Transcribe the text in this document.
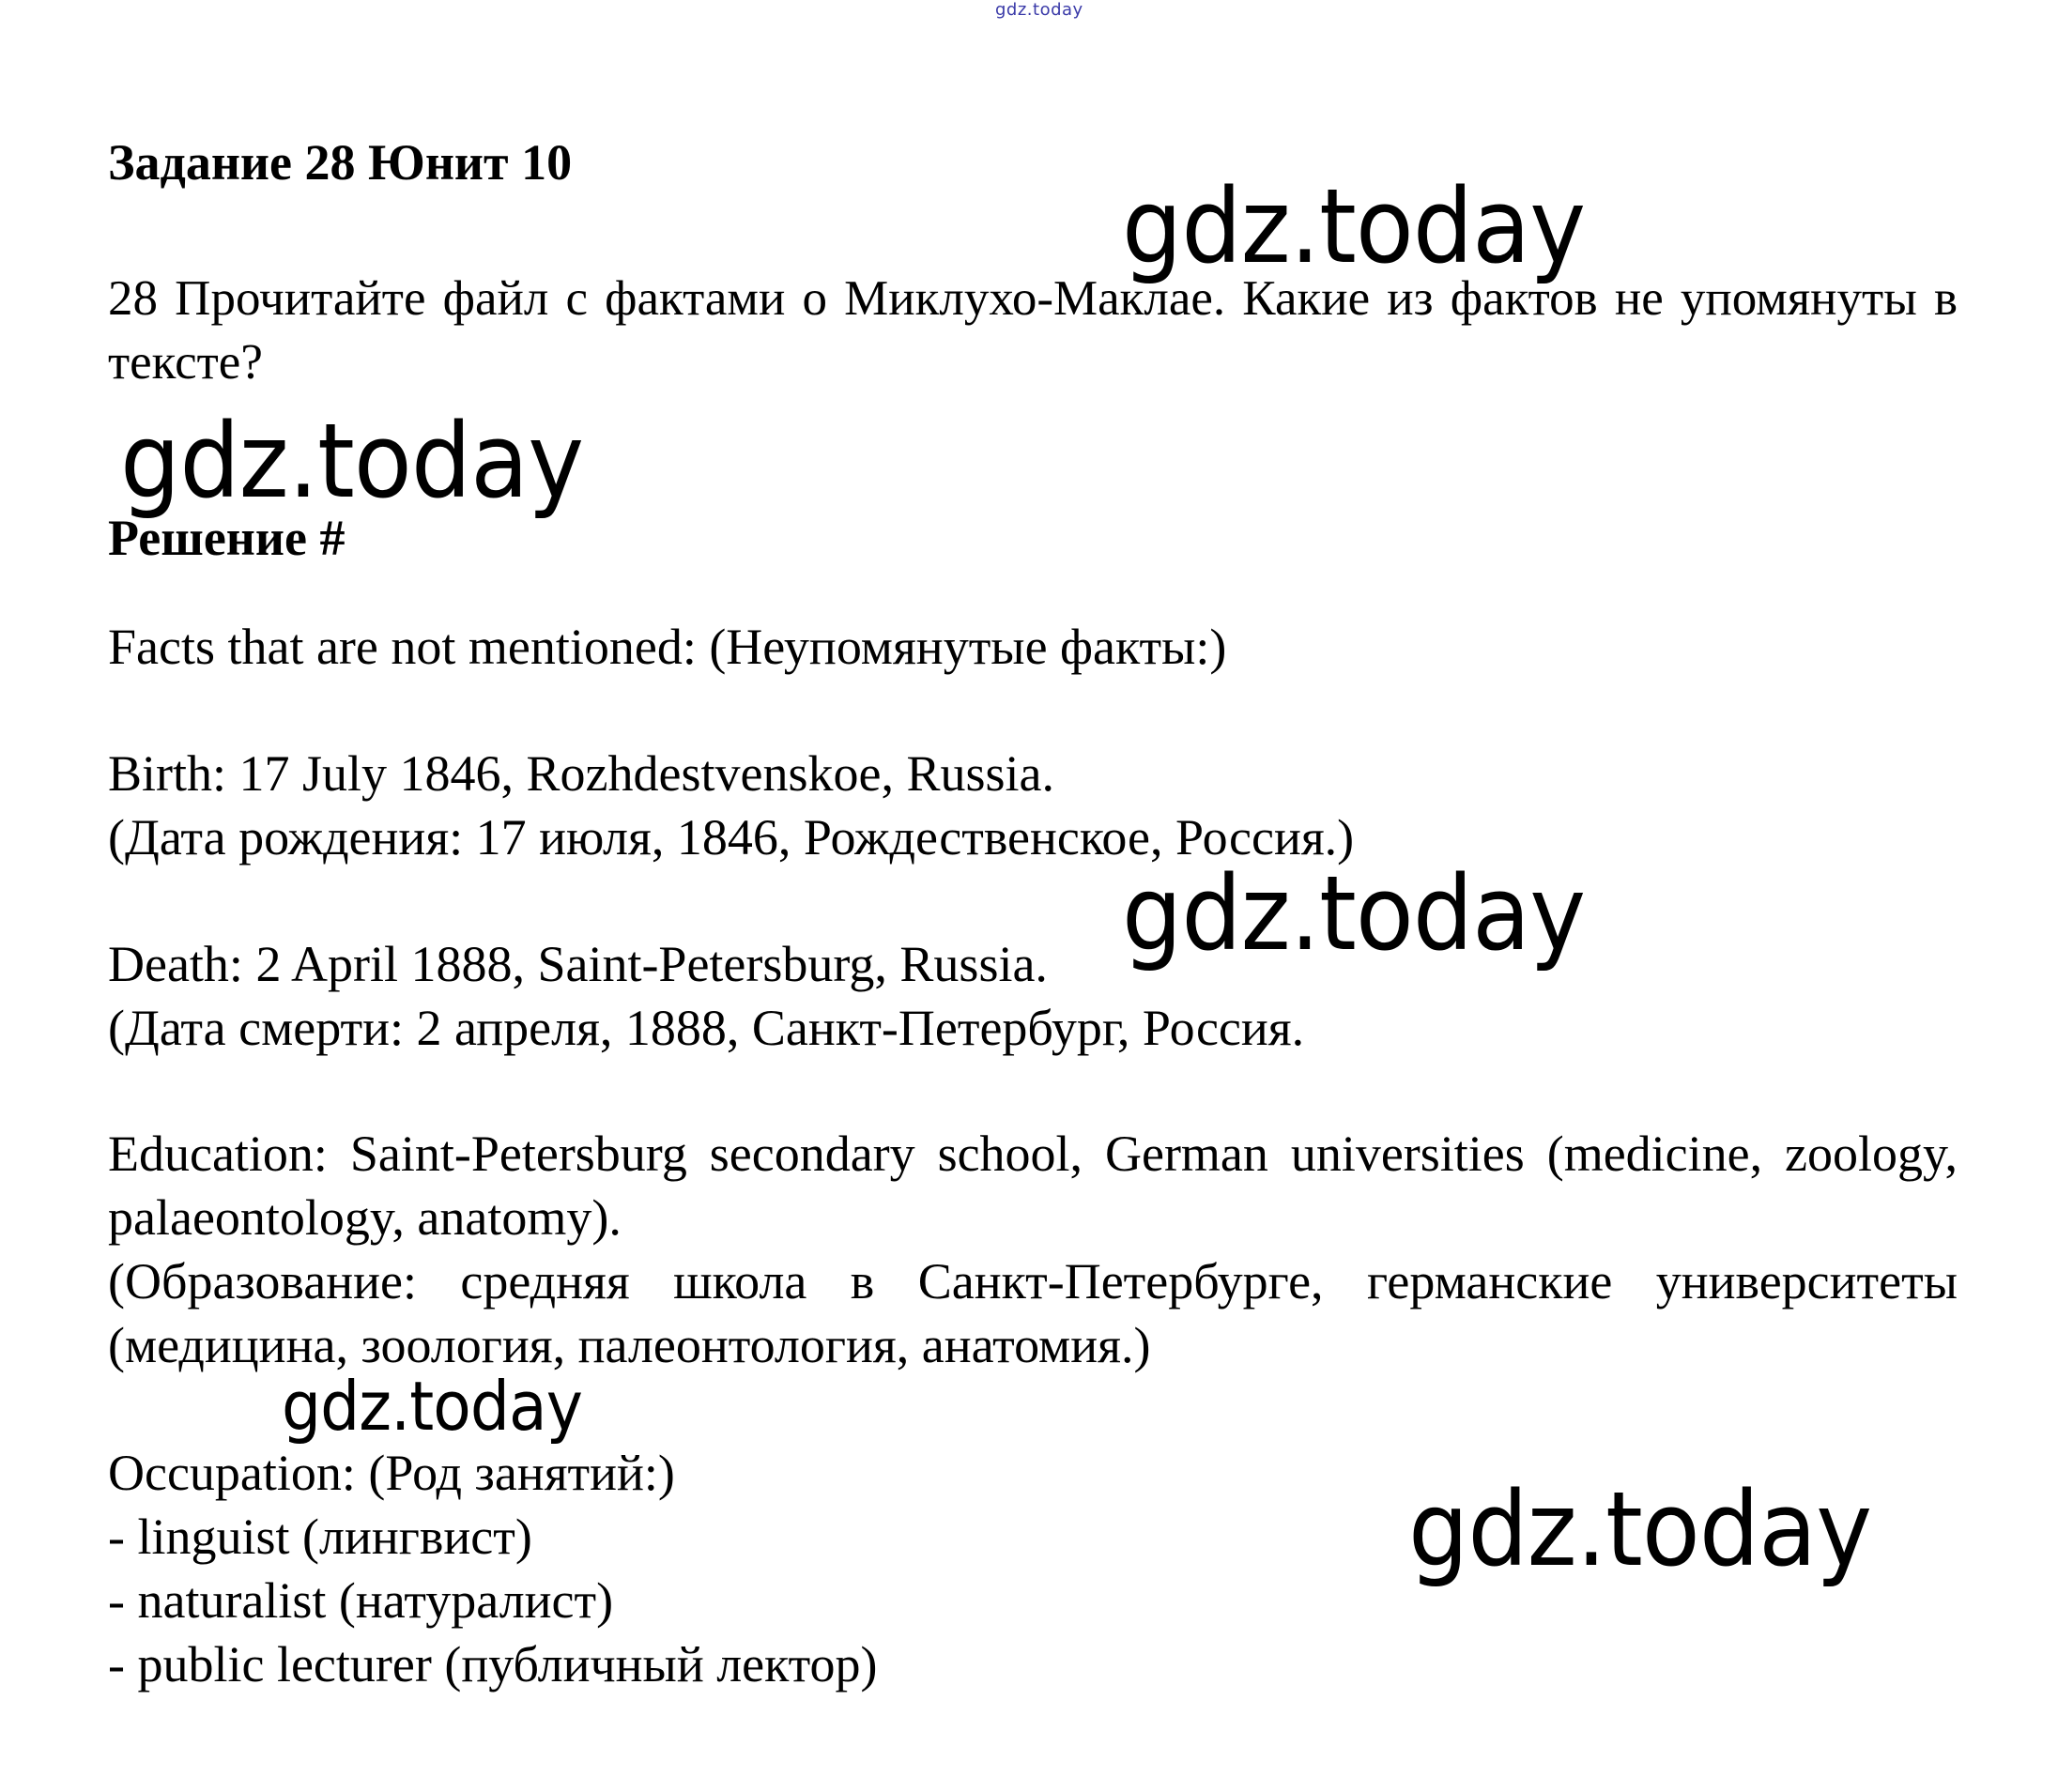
gdz.today
Задание 28 Юнит 10

28 Прочитайте файл с фактами о Миклухо-Маклае. Какие из фактов не упомянуты в тексте?

Решение #

Facts that are not mentioned: (Неупомянутые факты:)

Birth: 17 July 1846, Rozhdestvenskoe, Russia.

(Дата рождения: 17 июля, 1846, Рождественское, Россия.)

Death: 2 April 1888, Saint-Petersburg, Russia.

(Дата смерти: 2 апреля, 1888, Санкт-Петербург, Россия.

Education: Saint-Petersburg secondary school, German universities (medicine, zoology, palaeontology, anatomy).

(Образование: средняя школа в Санкт-Петербурге, германские университеты (медицина, зоология, палеонтология, анатомия.)

Occupation: (Род занятий:)

- linguist (лингвист)

- naturalist (натуралист)

- public lecturer (публичный лектор)

gdz.today
gdz.today
gdz.today
gdz.today
gdz.today
